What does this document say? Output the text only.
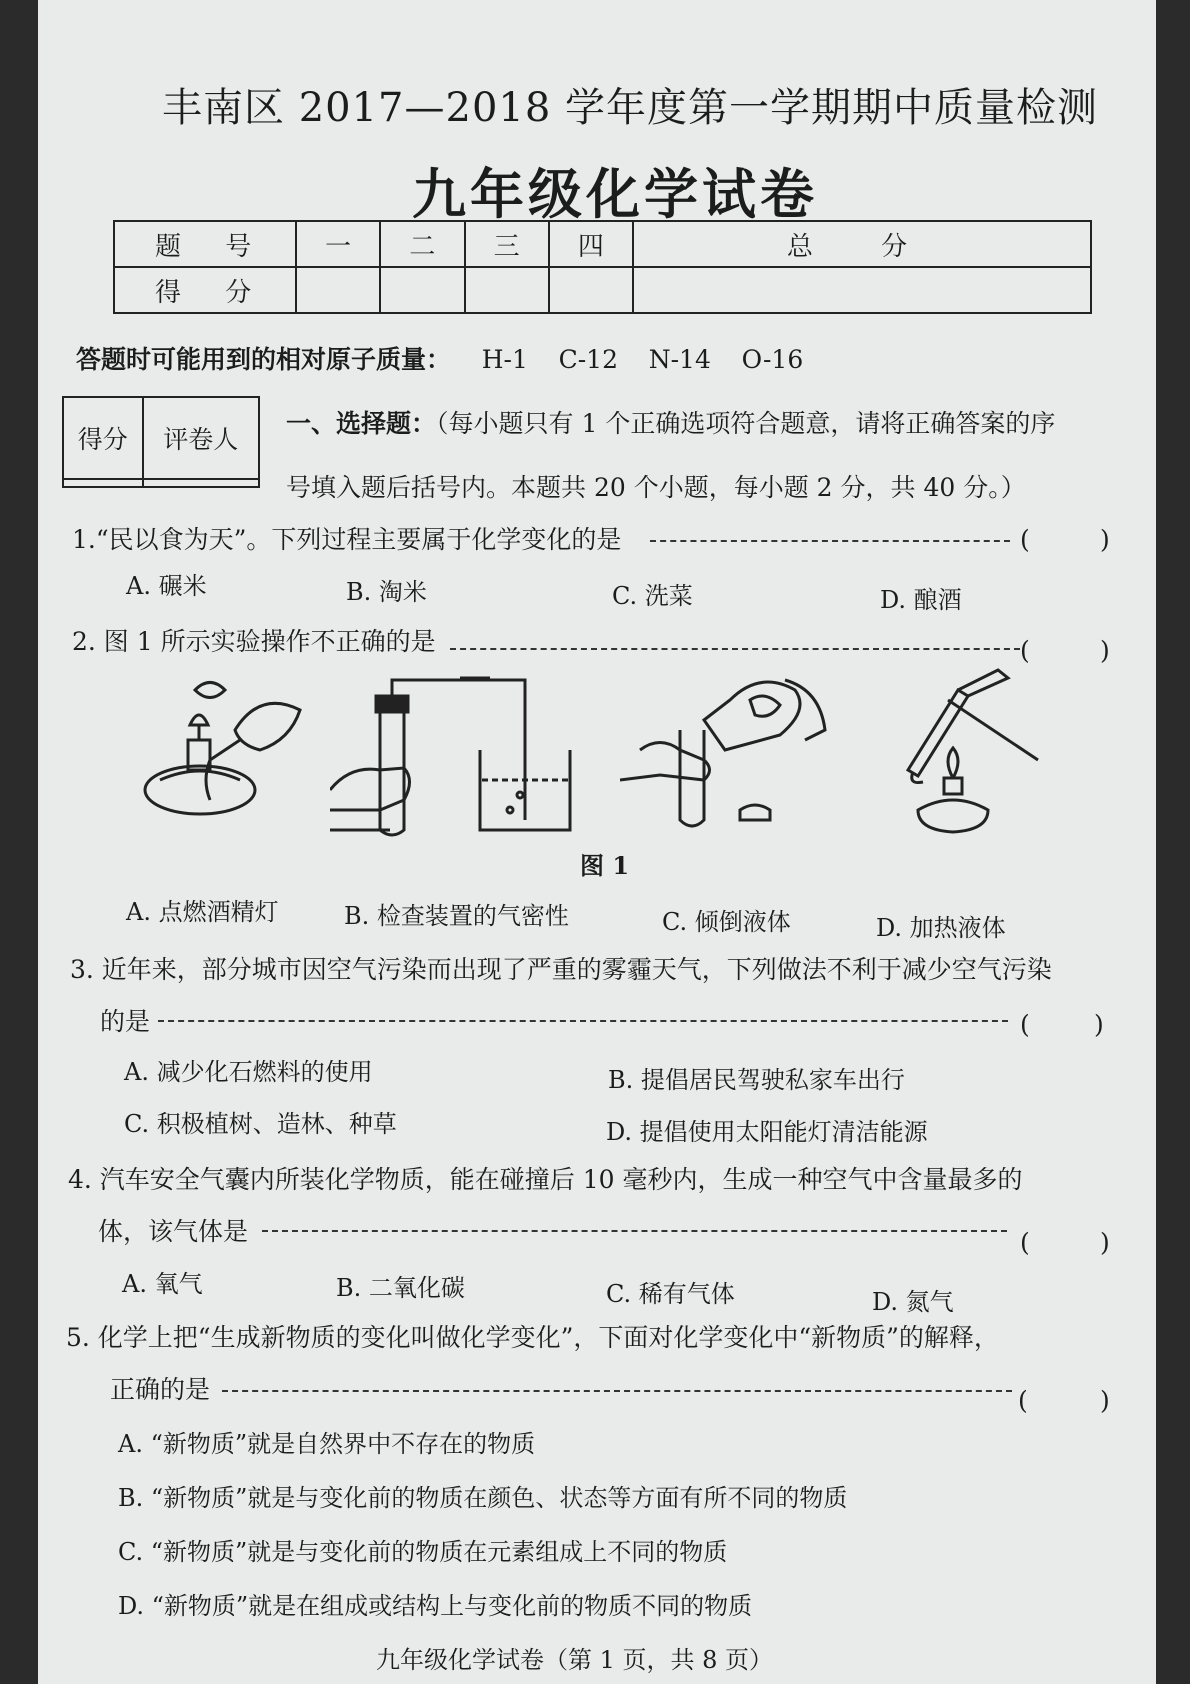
丰南区 2017—2018 学年度第一学期期中质量检测
九年级化学试卷
题 号	一	二	三	四	总 分
得 分					
答题时可能用到的相对原子质量： H-1 C-12 N-14 O-16
得分	评卷人

一、选择题：（每小题只有 1 个正确选项符合题意，请将正确答案的序
号填入题后括号内。本题共 20 个小题，每小题 2 分，共 40 分。）
1.“民以食为天”。下列过程主要属于化学变化的是	(	)
A. 碾米	B. 淘米	C. 洗菜	D. 酿酒
2. 图 1 所示实验操作不正确的是	(	)
图 1
A. 点燃酒精灯	B. 检查装置的气密性	C. 倾倒液体	D. 加热液体
3. 近年来，部分城市因空气污染而出现了严重的雾霾天气，下列做法不利于减少空气污染
的是	(	)
A. 减少化石燃料的使用	B. 提倡居民驾驶私家车出行
C. 积极植树、造林、种草	D. 提倡使用太阳能灯清洁能源
4. 汽车安全气囊内所装化学物质，能在碰撞后 10 毫秒内，生成一种空气中含量最多的
体，该气体是	(	)
A. 氧气	B. 二氧化碳	C. 稀有气体	D. 氮气
5. 化学上把“生成新物质的变化叫做化学变化”，下面对化学变化中“新物质”的解释，
正确的是	(	)
A. “新物质”就是自然界中不存在的物质
B. “新物质”就是与变化前的物质在颜色、状态等方面有所不同的物质
C. “新物质”就是与变化前的物质在元素组成上不同的物质
D. “新物质”就是在组成或结构上与变化前的物质不同的物质
九年级化学试卷（第 1 页，共 8 页）
